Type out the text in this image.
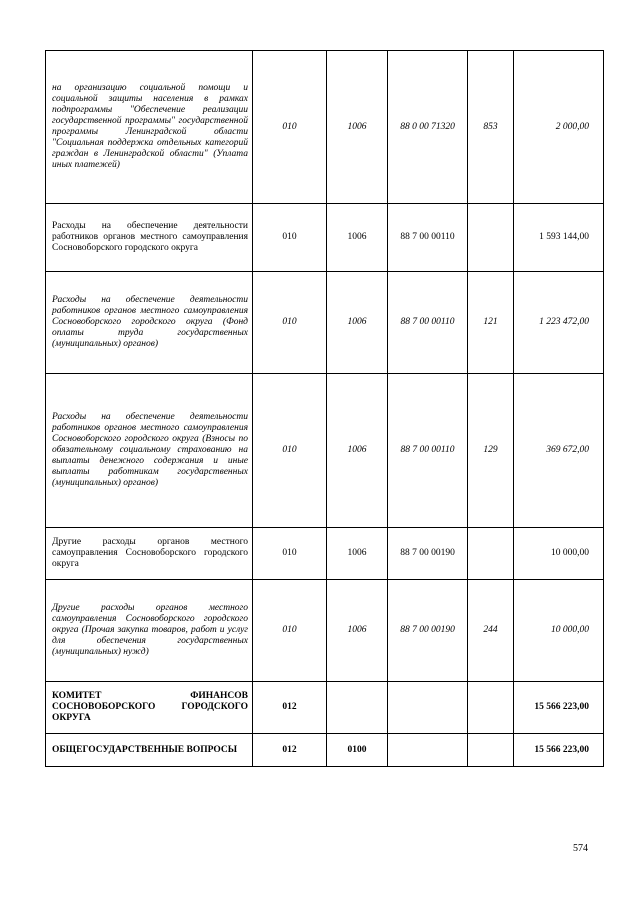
на организацию социальной помощи и социальной защиты населения в рамках подпрограммы "Обеспечение реализации государственной программы" государственной программы Ленинградской области "Социальная поддержка отдельных категорий граждан в Ленинградской области" (Уплата иных платежей)	010	1006	88 0 00 71320	853	2 000,00
Расходы на обеспечение деятельности работников органов местного самоуправления Сосновоборского городского округа	010	1006	88 7 00 00110		1 593 144,00
Расходы на обеспечение деятельности работников органов местного самоуправления Сосновоборского городского округа (Фонд оплаты труда государственных (муниципальных) органов)	010	1006	88 7 00 00110	121	1 223 472,00
Расходы на обеспечение деятельности работников органов местного самоуправления Сосновоборского городского округа (Взносы по обязательному социальному страхованию на выплаты денежного содержания и иные выплаты работникам государственных (муниципальных) органов)	010	1006	88 7 00 00110	129	369 672,00
Другие расходы органов местного самоуправления Сосновоборского городского округа	010	1006	88 7 00 00190		10 000,00
Другие расходы органов местного самоуправления Сосновоборского городского округа (Прочая закупка товаров, работ и услуг для обеспечения государственных (муниципальных) нужд)	010	1006	88 7 00 00190	244	10 000,00
КОМИТЕТ ФИНАНСОВ СОСНОВОБОРСКОГО ГОРОДСКОГО ОКРУГА	012				15 566 223,00
ОБЩЕГОСУДАРСТВЕННЫЕ ВОПРОСЫ	012	0100			15 566 223,00
574
